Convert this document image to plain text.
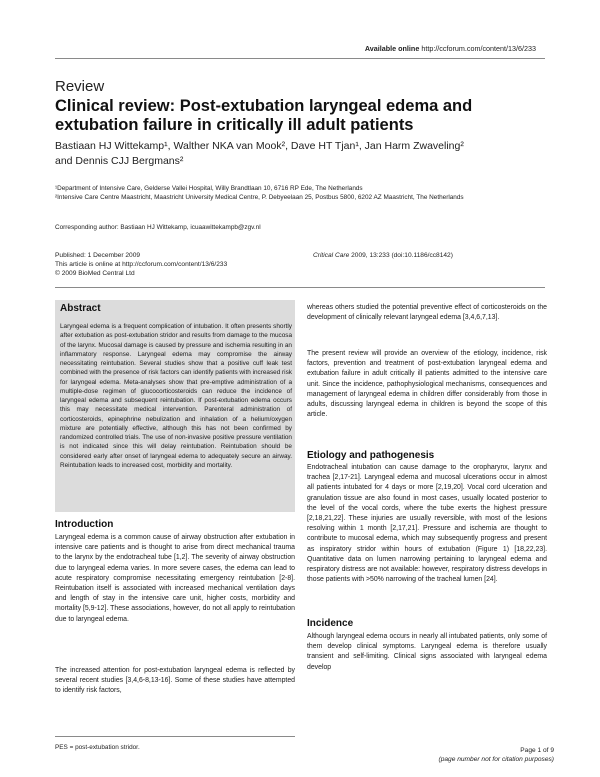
Available online http://ccforum.com/content/13/6/233
Review
Clinical review: Post-extubation laryngeal edema and extubation failure in critically ill adult patients
Bastiaan HJ Wittekamp¹, Walther NKA van Mook², Dave HT Tjan¹, Jan Harm Zwaveling²
and Dennis CJJ Bergmans²
¹Department of Intensive Care, Gelderse Vallei Hospital, Willy Brandtlaan 10, 6716 RP Ede, The Netherlands
²Intensive Care Centre Maastricht, Maastricht University Medical Centre, P. Debyeelaan 25, Postbus 5800, 6202 AZ Maastricht, The Netherlands
Corresponding author: Bastiaan HJ Wittekamp, icuaawittekampb@zgv.nl
Published: 1 December 2009
This article is online at http://ccforum.com/content/13/6/233
© 2009 BioMed Central Ltd
Critical Care 2009, 13:233 (doi:10.1186/cc8142)
Abstract
Laryngeal edema is a frequent complication of intubation. It often presents shortly after extubation as post-extubation stridor and results from damage to the mucosa of the larynx. Mucosal damage is caused by pressure and ischemia resulting in an inflammatory response. Laryngeal edema may compromise the airway necessitating reintubation. Several studies show that a positive cuff leak test combined with the presence of risk factors can identify patients with increased risk for laryngeal edema. Meta-analyses show that pre-emptive administration of a multiple-dose regimen of glucocorticosteroids can reduce the incidence of laryngeal edema and subsequent reintubation. If post-extubation edema occurs this may necessitate medical intervention. Parenteral administration of corticosteroids, epinephrine nebulization and inhalation of a helium/oxygen mixture are potentially effective, although this has not been confirmed by randomized controlled trials. The use of non-invasive positive pressure ventilation is not indicated since this will delay reintubation. Reintubation should be considered early after onset of laryngeal edema to adequately secure an airway. Reintubation leads to increased cost, morbidity and mortality.
Introduction
Laryngeal edema is a common cause of airway obstruction after extubation in intensive care patients and is thought to arise from direct mechanical trauma to the larynx by the endotracheal tube [1,2]. The severity of airway obstruction due to laryngeal edema varies. In more severe cases, the edema can lead to acute respiratory compromise necessitating emergency reintubation [2-8]. Reintubation itself is associated with increased mechanical ventilation days and length of stay in the intensive care unit, higher costs, morbidity and mortality [5,9-12]. These associations, however, do not all apply to reintubation due to laryngeal edema.
The increased attention for post-extubation laryngeal edema is reflected by several recent studies [3,4,6-8,13-16]. Some of these studies have attempted to identify risk factors,
whereas others studied the potential preventive effect of corticosteroids on the development of clinically relevant laryngeal edema [3,4,6,7,13].
The present review will provide an overview of the etiology, incidence, risk factors, prevention and treatment of post-extubation laryngeal edema and extubation failure in adult critically ill patients admitted to the intensive care unit. Since the incidence, pathophysiological mechanisms, consequences and management of laryngeal edema in children differ considerably from those in adults, discussing laryngeal edema in children is beyond the scope of this article.
Etiology and pathogenesis
Endotracheal intubation can cause damage to the oropharynx, larynx and trachea [2,17-21]. Laryngeal edema and mucosal ulcerations occur in almost all patients intubated for 4 days or more [2,19,20]. Vocal cord ulceration and granulation tissue are also found in most cases, usually located posterior to the level of the vocal cords, where the tube exerts the highest pressure [2,18,21,22]. These injuries are usually reversible, with most of the lesions resolving within 1 month [2,17,21]. Pressure and ischemia are thought to contribute to mucosal edema, which may subsequently progress and present as inspiratory stridor within hours of extubation (Figure 1) [18,22,23]. Quantitative data on lumen narrowing pertaining to laryngeal edema and respiratory distress are not available: however, respiratory distress develops in those patients with >50% narrowing of the tracheal lumen [24].
Incidence
Although laryngeal edema occurs in nearly all intubated patients, only some of them develop clinical symptoms. Laryngeal edema is therefore usually transient and self-limiting. Clinical signs associated with laryngeal edema develop
PES = post-extubation stridor.	Page 1 of 9
(page number not for citation purposes)
